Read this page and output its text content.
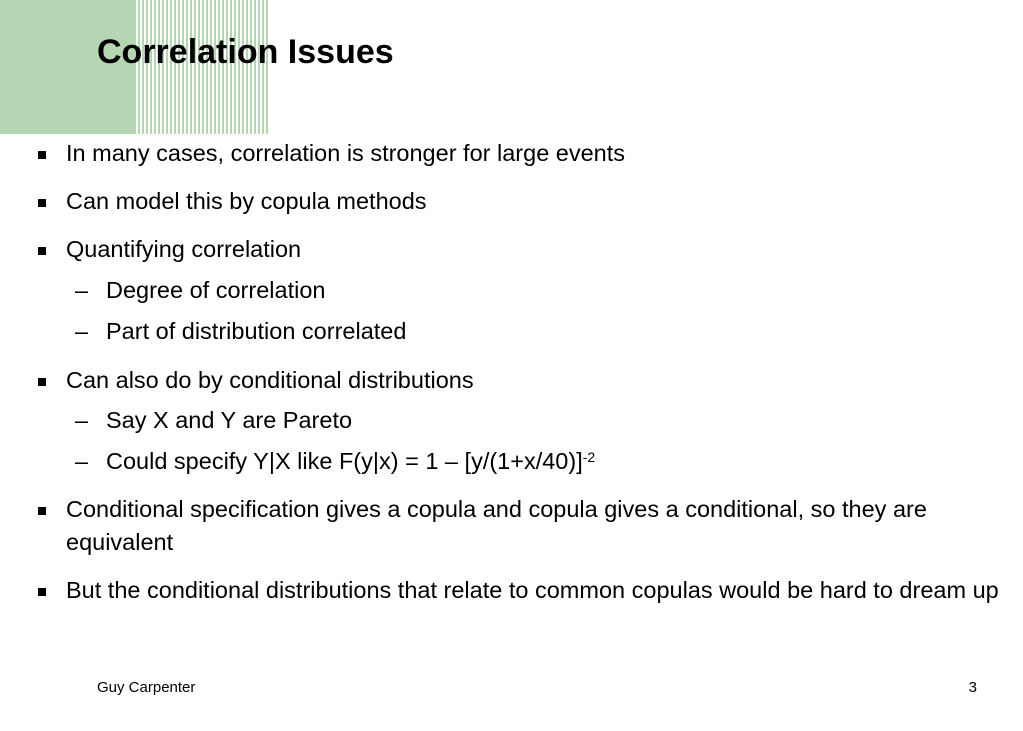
Correlation Issues
In many cases, correlation is stronger for large events
Can model this by copula methods
Quantifying correlation
– Degree of correlation
– Part of distribution correlated
Can also do by conditional distributions
– Say X and Y are Pareto
– Could specify Y|X like $F(y|x) = 1 - [y/(1+x/40)]^{-2}$
Conditional specification gives a copula and copula gives a conditional, so they are equivalent
But the conditional distributions that relate to common copulas would be hard to dream up
Guy Carpenter	3
